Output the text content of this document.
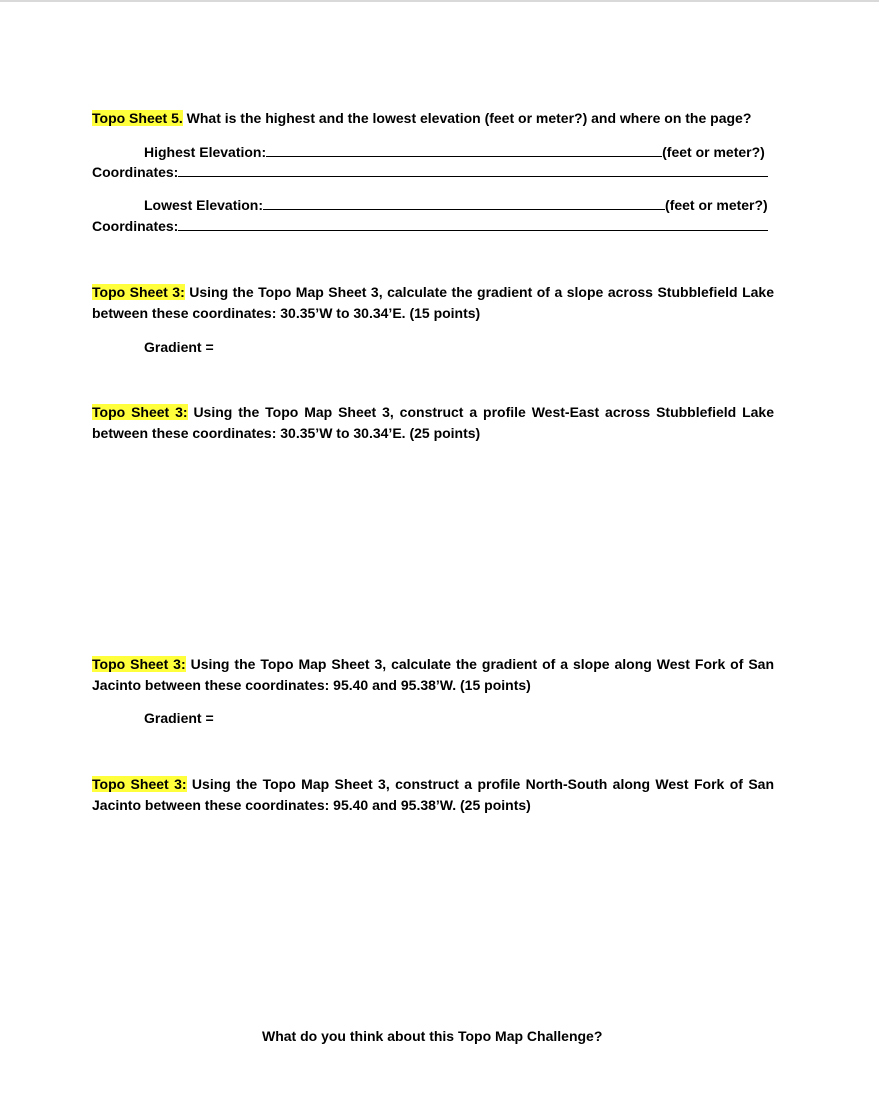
Topo Sheet 5. What is the highest and the lowest elevation (feet or meter?) and where on the page?
Highest Elevation:	(feet or meter?)
Coordinates:
Lowest Elevation:	(feet or meter?)
Coordinates:
Topo Sheet 3: Using the Topo Map Sheet 3, calculate the gradient of a slope across Stubblefield Lake between these coordinates: 30.35’W to 30.34’E. (15 points)
Gradient =
Topo Sheet 3: Using the Topo Map Sheet 3, construct a profile West-East across Stubblefield Lake between these coordinates: 30.35’W to 30.34’E. (25 points)
Topo Sheet 3: Using the Topo Map Sheet 3, calculate the gradient of a slope along West Fork of San Jacinto between these coordinates: 95.40 and 95.38’W. (15 points)
Gradient =
Topo Sheet 3: Using the Topo Map Sheet 3, construct a profile North-South along West Fork of San Jacinto between these coordinates: 95.40 and 95.38’W. (25 points)
What do you think about this Topo Map Challenge?
